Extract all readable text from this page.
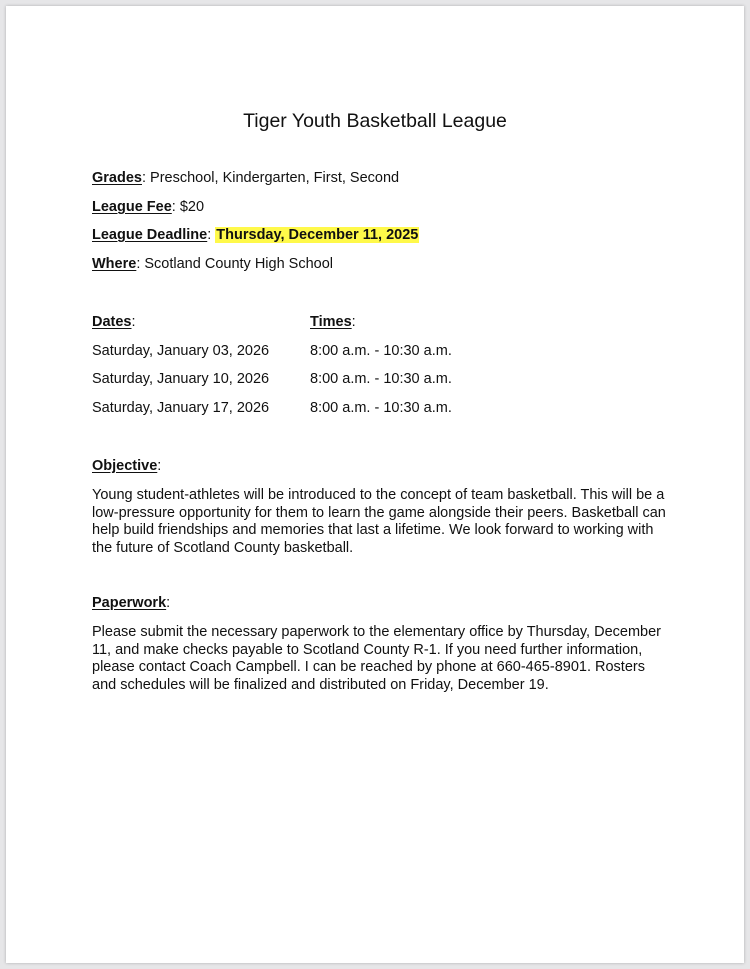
Tiger Youth Basketball League
Grades: Preschool, Kindergarten, First, Second
League Fee: $20
League Deadline: Thursday, December 11, 2025
Where: Scotland County High School
Dates:	Times:
Saturday, January 03, 2026	8:00 a.m. - 10:30 a.m.
Saturday, January 10, 2026	8:00 a.m. - 10:30 a.m.
Saturday, January 17, 2026	8:00 a.m. - 10:30 a.m.
Objective:
Young student-athletes will be introduced to the concept of team basketball. This will be a low-pressure opportunity for them to learn the game alongside their peers. Basketball can help build friendships and memories that last a lifetime. We look forward to working with the future of Scotland County basketball.
Paperwork:
Please submit the necessary paperwork to the elementary office by Thursday, December 11, and make checks payable to Scotland County R-1. If you need further information, please contact Coach Campbell. I can be reached by phone at 660-465-8901. Rosters and schedules will be finalized and distributed on Friday, December 19.
